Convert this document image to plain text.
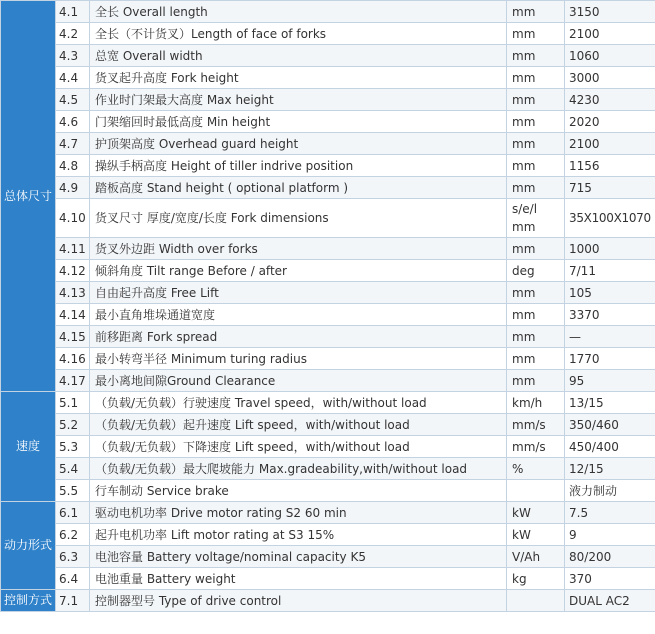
总体尺寸	4.1	全长 Overall length	mm	3150
	4.2	全长（不计货叉）Length of face of forks	mm	2100
	4.3	总宽 Overall width	mm	1060
	4.4	货叉起升高度 Fork height	mm	3000
	4.5	作业时门架最大高度 Max height	mm	4230
	4.6	门架缩回时最低高度 Min height	mm	2020
	4.7	护顶架高度 Overhead guard height	mm	2100
	4.8	操纵手柄高度 Height of tiller indrive position	mm	1156
	4.9	踏板高度 Stand height ( optional platform )	mm	715
	4.10	货叉尺寸 厚度/宽度/长度 Fork dimensions	s/e/l mm	35X100X1070
	4.11	货叉外边距 Width over forks	mm	1000
	4.12	倾斜角度 Tilt range Before / after	deg	7/11
	4.13	自由起升高度 Free Lift	mm	105
	4.14	最小直角堆垛通道宽度	mm	3370
	4.15	前移距离 Fork spread	mm	—
	4.16	最小转弯半径 Minimum turing radius	mm	1770
	4.17	最小离地间隙Ground Clearance	mm	95
速度	5.1	（负载/无负载）行驶速度 Travel speed，with/without load	km/h	13/15
	5.2	（负载/无负载）起升速度 Lift speed，with/without load	mm/s	350/460
	5.3	（负载/无负载）下降速度 Lift speed，with/without load	mm/s	450/400
	5.4	（负载/无负载）最大爬坡能力 Max.gradeability,with/without load	%	12/15
	5.5	行车制动 Service brake		液力制动
动力形式	6.1	驱动电机功率 Drive motor rating S2 60 min	kW	7.5
	6.2	起升电机功率 Lift motor rating at S3 15%	kW	9
	6.3	电池容量 Battery voltage/nominal capacity K5	V/Ah	80/200
	6.4	电池重量 Battery weight	kg	370
控制方式	7.1	控制器型号 Type of drive control		DUAL AC2
